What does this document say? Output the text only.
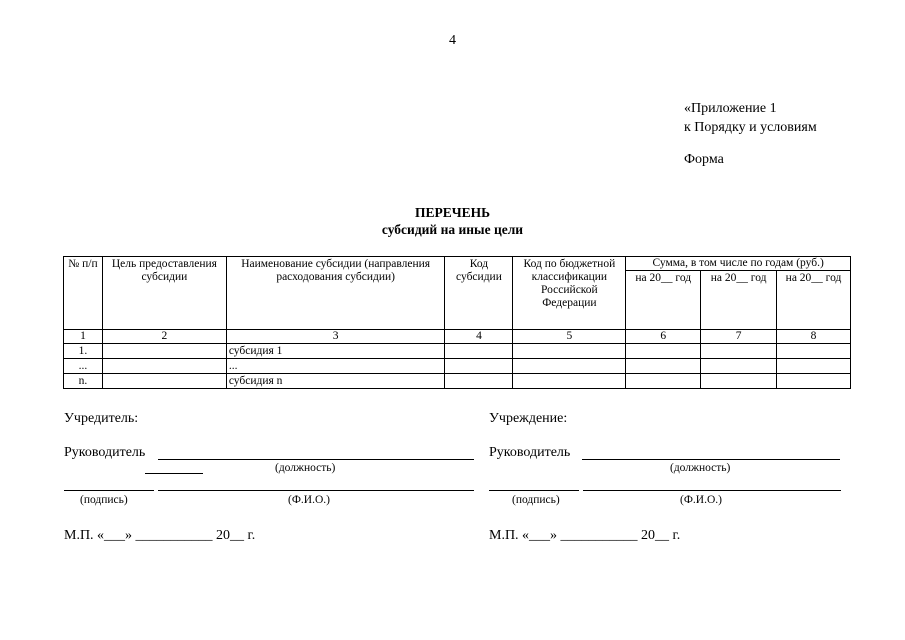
4
«Приложение 1
к Порядку и условиям
Форма
ПЕРЕЧЕНЬ
субсидий на иные цели
№ п/п	Цель предоставления субсидии	Наименование субсидии (направления расходования субсидии)	Код субсидии	Код по бюджетной классификации Российской Федерации	Сумма, в том числе по годам (руб.)		
					на 20__ год	на 20__ год	на 20__ год
1	2	3	4	5	6	7	8
1.		субсидия 1					
...		...					
n.		субсидия n					
Учредитель:
Руководитель
(должность)
(подпись)	(Ф.И.О.)
М.П. «___» ___________ 20__ г.
Учреждение:
Руководитель
(должность)
(подпись)	(Ф.И.О.)
М.П. «___» ___________ 20__ г.
